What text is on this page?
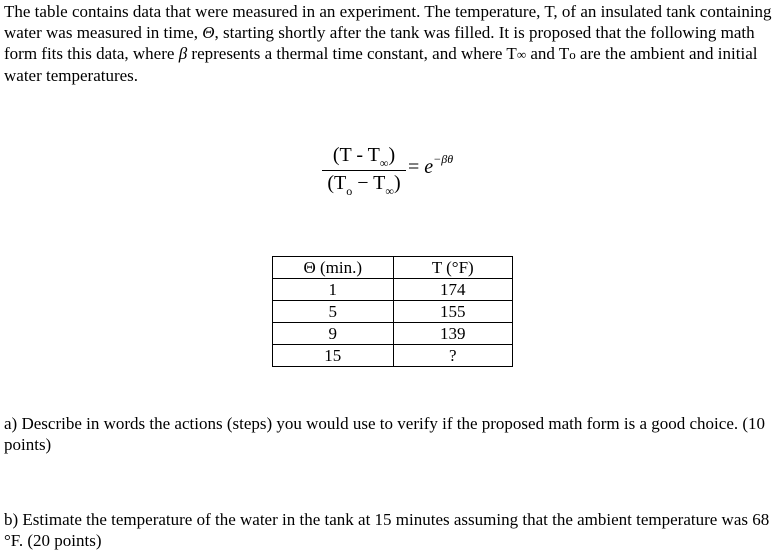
The table contains data that were measured in an experiment. The temperature, T, of an insulated tank containing water was measured in time, Θ, starting shortly after the tank was filled. It is proposed that the following math form fits this data, where β represents a thermal time constant, and where T∞ and To are the ambient and initial water temperatures.

$(T - T_\infty)$
$(T_o - T_\infty)$
= $e^{-\beta\theta}$
Θ (min.)	T (°F)
1	174
5	155
9	139
15	?

a) Describe in words the actions (steps) you would use to verify if the proposed math form is a good choice. (10 points)

b) Estimate the temperature of the water in the tank at 15 minutes assuming that the ambient temperature was 68 °F. (20 points)
